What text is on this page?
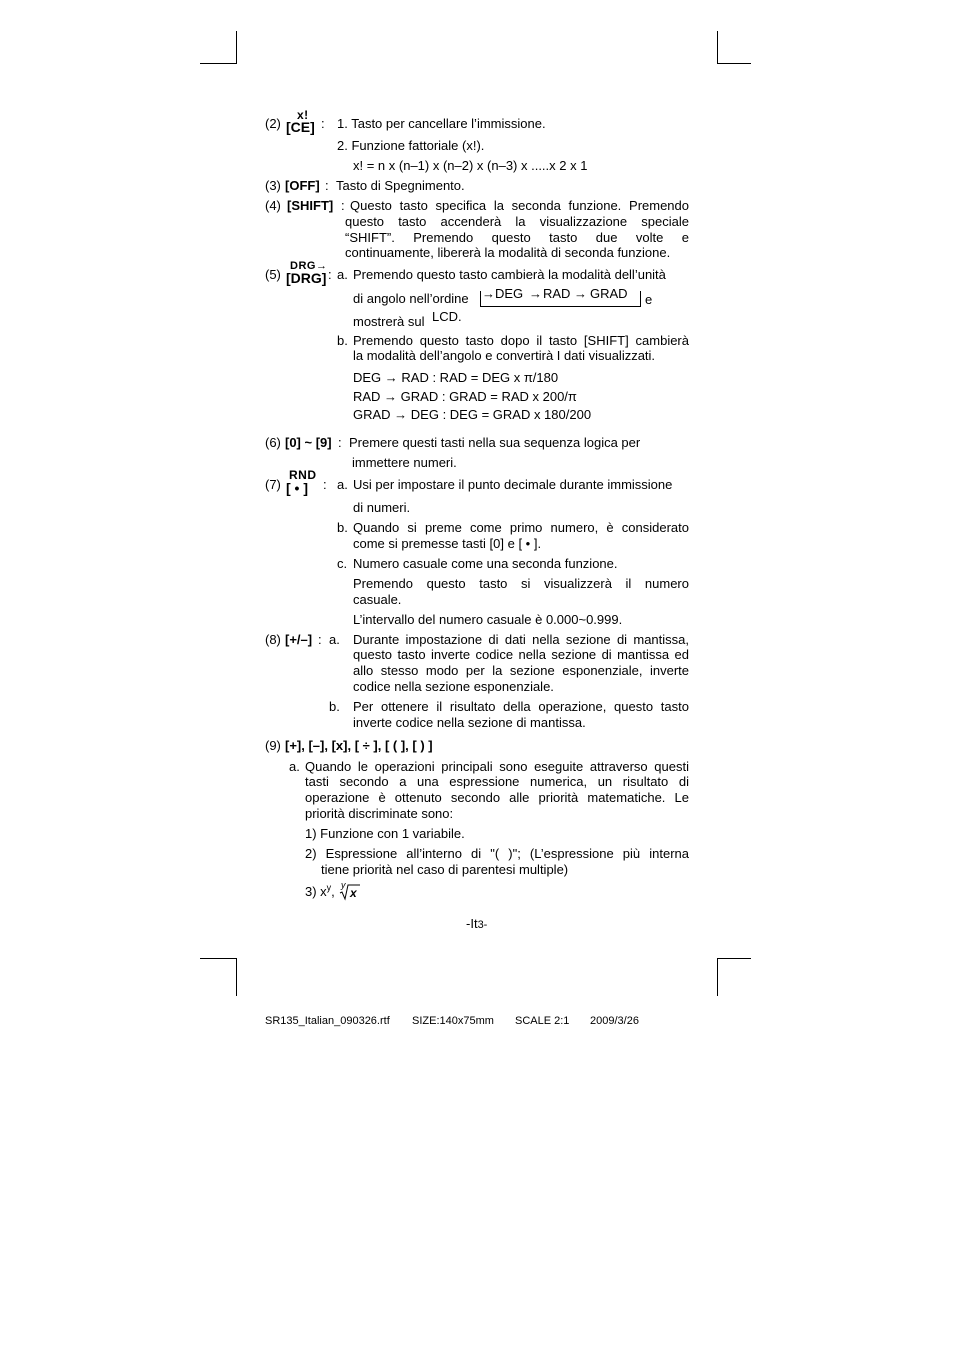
(2)
x!
[CE] : 1. Tasto per cancellare l’immissione.
2. Funzione fattoriale (x!).
x! = n x (n–1) x (n–2) x (n–3) x .....x 2 x 1
(3) [OFF] : Tasto di Spegnimento.
(4) [SHIFT] : Questo tasto specifica la seconda funzione. Premendo
questo tasto accenderà la visualizzazione speciale
“SHIFT”. Premendo questo tasto due volte e
continuamente, libererà la modalità di seconda funzione.
(5)
DRG→
[DRG] : a. Premendo questo tasto cambierà la modalità dell’unità
di angolo nell’ordine → DEG → RAD → GRAD e
mostrerà sul LCD.
b. Premendo questo tasto dopo il tasto [SHIFT] cambierà
la modalità dell’angolo e convertirà I dati visualizzati.
DEG → RAD : RAD = DEG x π/180
RAD → GRAD : GRAD = RAD x 200/π
GRAD → DEG : DEG = GRAD x 180/200
(6) [0] ~ [9] : Premere questi tasti nella sua sequenza logica per
immettere numeri.
RND
(7) [ • ] : a. Usi per impostare il punto decimale durante immissione
di numeri.
b. Quando si preme come primo numero, è considerato
come si premesse tasti [0] e [ • ].
c. Numero casuale come una seconda funzione.
Premendo questo tasto si visualizzerà il numero
casuale.
L’intervallo del numero casuale è 0.000~0.999.
(8) [+/–] : a. Durante impostazione di dati nella sezione di mantissa,
questo tasto inverte codice nella sezione di mantissa ed
allo stesso modo per la sezione esponenziale, inverte
codice nella sezione esponenziale.
b. Per ottenere il risultato della operazione, questo tasto
inverte codice nella sezione di mantissa.
(9) [+], [–], [x], [ ÷ ], [ ( ], [ ) ]
a. Quando le operazioni principali sono eseguite attraverso questi
tasti secondo a una espressione numerica, un risultato di
operazione è ottenuto secondo alle priorità matematiche. Le
priorità discriminate sono:
1) Funzione con 1 variabile.
2) Espressione all’interno di "( )"; (L’espressione più interna
tiene priorità nel caso di parentesi multiple)
3) $x^y$, y
x
-It3-
SR135_Italian_090326.rtf SIZE:140x75mm SCALE 2:1 2009/3/26
